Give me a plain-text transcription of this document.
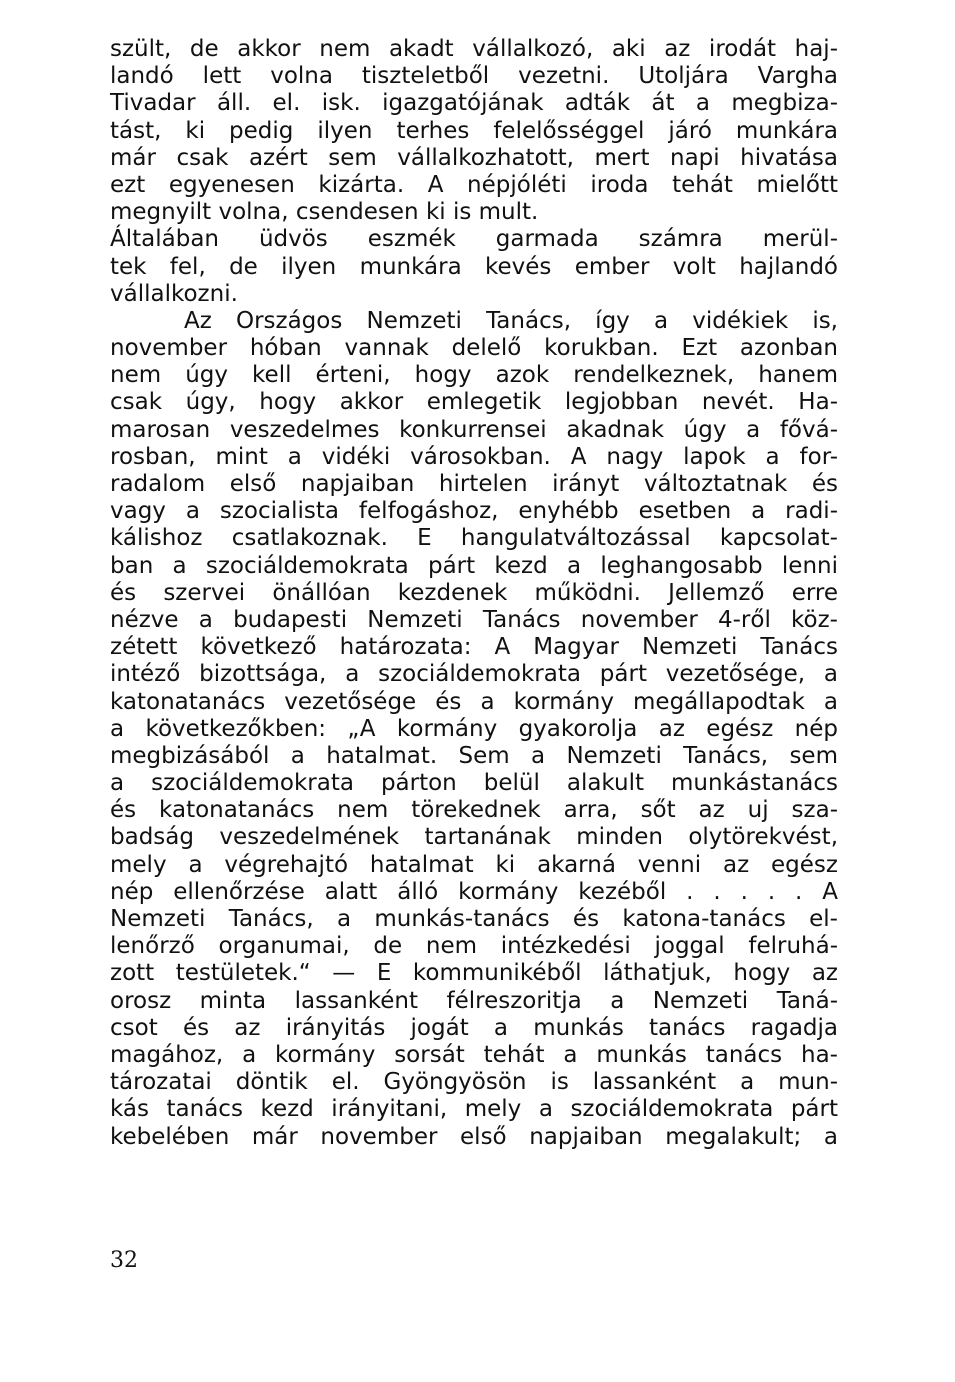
szült, de akkor nem akadt vállalkozó, aki az irodát haj-
landó lett volna tiszteletből vezetni. Utoljára Vargha
Tivadar áll. el. isk. igazgatójának adták át a megbiza-
tást, ki pedig ilyen terhes felelősséggel járó munkára
már csak azért sem vállalkozhatott, mert napi hivatása
ezt egyenesen kizárta. A népjóléti iroda tehát mielőtt
megnyilt volna, csendesen ki is mult.
Általában üdvös eszmék garmada számra merül-
tek fel, de ilyen munkára kevés ember volt hajlandó
vállalkozni.
Az Országos Nemzeti Tanács, így a vidékiek is,
november hóban vannak delelő korukban. Ezt azonban
nem úgy kell érteni, hogy azok rendelkeznek, hanem
csak úgy, hogy akkor emlegetik legjobban nevét. Ha-
marosan veszedelmes konkurrensei akadnak úgy a fővá-
rosban, mint a vidéki városokban. A nagy lapok a for-
radalom első napjaiban hirtelen irányt változtatnak és
vagy a szocialista felfogáshoz, enyhébb esetben a radi-
kálishoz csatlakoznak. E hangulatváltozással kapcsolat-
ban a szociáldemokrata párt kezd a leghangosabb lenni
és szervei önállóan kezdenek működni. Jellemző erre
nézve a budapesti Nemzeti Tanács november 4-ről köz-
zétett következő határozata: A Magyar Nemzeti Tanács
intéző bizottsága, a szociáldemokrata párt vezetősége, a
katonatanács vezetősége és a kormány megállapodtak a
a következőkben: „A kormány gyakorolja az egész nép
megbizásából a hatalmat. Sem a Nemzeti Tanács, sem
a szociáldemokrata párton belül alakult munkástanács
és katonatanács nem törekednek arra, sőt az uj sza-
badság veszedelmének tartanának minden olytörekvést,
mely a végrehajtó hatalmat ki akarná venni az egész
nép ellenőrzése alatt álló kormány kezéből . . . . . A
Nemzeti Tanács, a munkás-tanács és katona-tanács el-
lenőrző organumai, de nem intézkedési joggal felruhá-
zott testületek.“ — E kommunikéből láthatjuk, hogy az
orosz minta lassanként félreszoritja a Nemzeti Taná-
csot és az irányitás jogát a munkás tanács ragadja
magához, a kormány sorsát tehát a munkás tanács ha-
tározatai döntik el. Gyöngyösön is lassanként a mun-
kás tanács kezd irányitani, mely a szociáldemokrata párt
kebelében már november első napjaiban megalakult; a
32
